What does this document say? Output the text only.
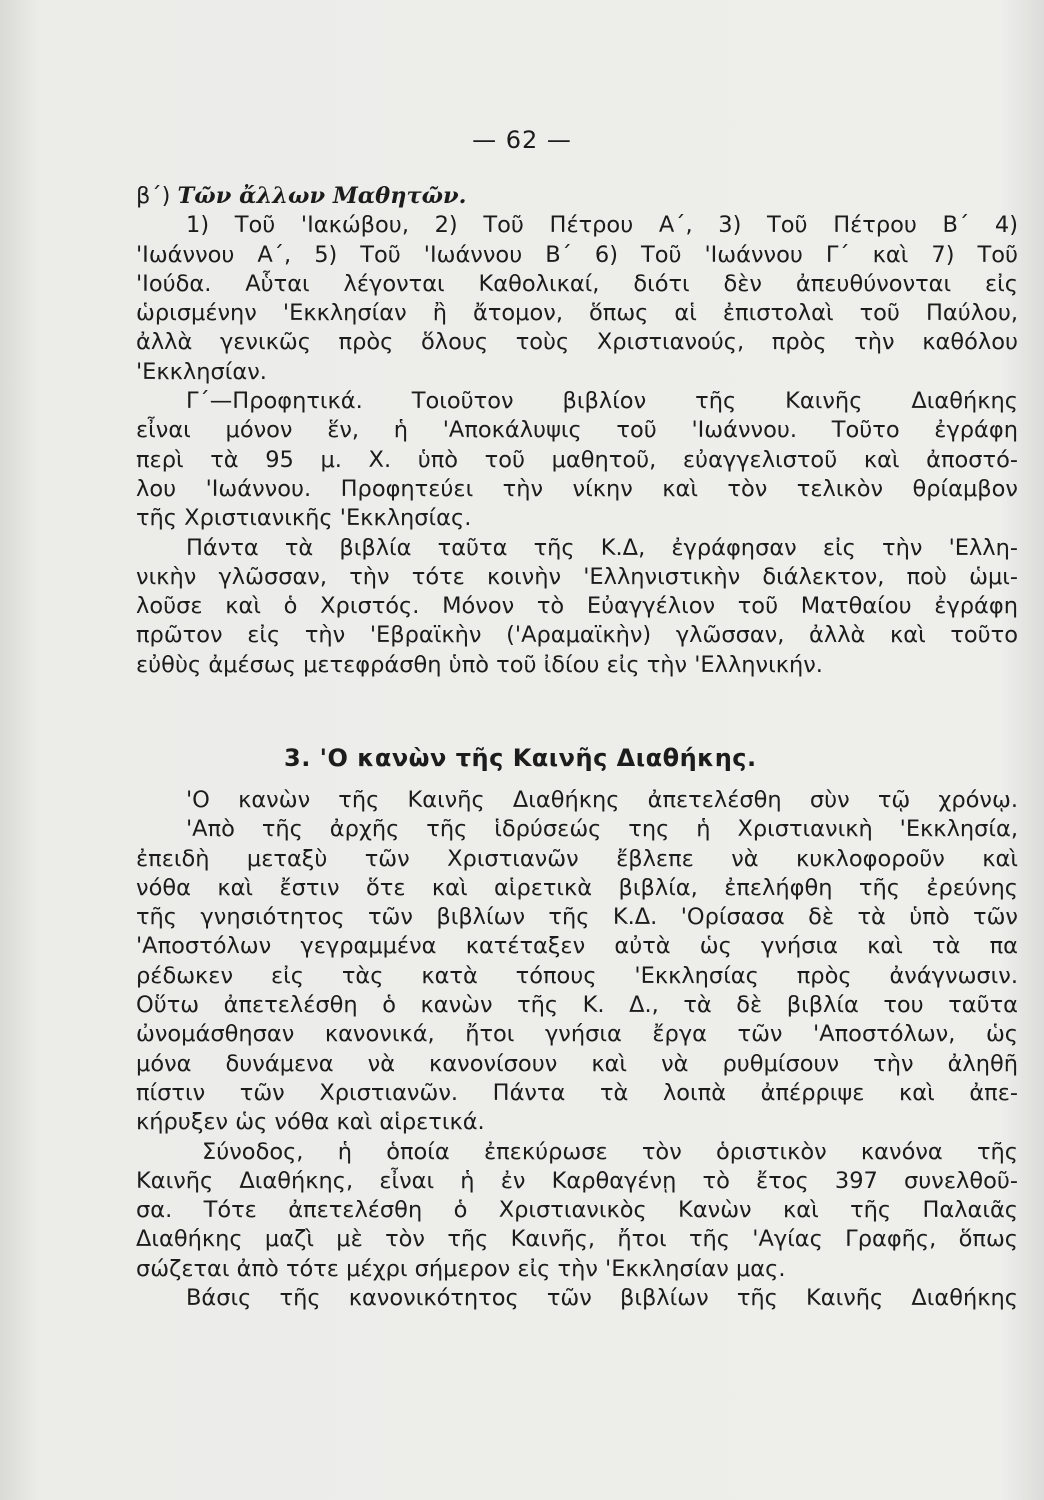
— 62 —
β΄) Τῶν ἄλλων Μαθητῶν.
1) Τοῦ 'Ιακώβου, 2) Τοῦ Πέτρου Α΄, 3) Τοῦ Πέτρου Β΄ 4)
'Ιωάννου Α΄, 5) Τοῦ 'Ιωάννου Β΄ 6) Τοῦ 'Ιωάννου Γ΄ καὶ 7) Τοῦ
'Ιούδα. Αὗται λέγονται Καθολικαί, διότι δὲν ἀπευθύνονται εἰς
ὡρισμένην 'Εκκλησίαν ἢ ἄτομον, ὅπως αἱ ἐπιστολαὶ τοῦ Παύλου,
ἀλλὰ γενικῶς πρὸς ὅλους τοὺς Χριστιανούς, πρὸς τὴν καθόλου
'Εκκλησίαν.
Γ΄—Προφητικά. Τοιοῦτον βιβλίον τῆς Καινῆς Διαθήκης
εἶναι μόνον ἕν, ἡ 'Αποκάλυψις τοῦ 'Ιωάννου. Τοῦτο ἐγράφη
περὶ τὰ 95 μ. Χ. ὑπὸ τοῦ μαθητοῦ, εὐαγγελιστοῦ καὶ ἀποστό-
λου 'Ιωάννου. Προφητεύει τὴν νίκην καὶ τὸν τελικὸν θρίαμβον
τῆς Χριστιανικῆς 'Εκκλησίας.
Πάντα τὰ βιβλία ταῦτα τῆς Κ.Δ, ἐγράφησαν εἰς τὴν 'Ελλη-
νικὴν γλῶσσαν, τὴν τότε κοινὴν 'Ελληνιστικὴν διάλεκτον, ποὺ ὡμι-
λοῦσε καὶ ὁ Χριστός. Μόνον τὸ Εὐαγγέλιον τοῦ Ματθαίου ἐγράφη
πρῶτον εἰς τὴν 'Εβραϊκὴν ('Αραμαϊκὴν) γλῶσσαν, ἀλλὰ καὶ τοῦτο
εὐθὺς ἀμέσως μετεφράσθη ὑπὸ τοῦ ἰδίου εἰς τὴν 'Ελληνικήν.
3. 'Ο κανὼν τῆς Καινῆς Διαθήκης.
'Ο κανὼν τῆς Καινῆς Διαθήκης ἀπετελέσθη σὺν τῷ χρόνῳ.
'Απὸ τῆς ἀρχῆς τῆς ἱδρύσεώς της ἡ Χριστιανικὴ 'Εκκλησία,
ἐπειδὴ μεταξὺ τῶν Χριστιανῶν ἔβλεπε νὰ κυκλοφοροῦν καὶ
νόθα καὶ ἔστιν ὅτε καὶ αἱρετικὰ βιβλία, ἐπελήφθη τῆς ἐρεύνης
τῆς γνησιότητος τῶν βιβλίων τῆς Κ.Δ. 'Ορίσασα δὲ τὰ ὑπὸ τῶν
'Αποστόλων γεγραμμένα κατέταξεν αὐτὰ ὡς γνήσια καὶ τὰ πα
ρέδωκεν εἰς τὰς κατὰ τόπους 'Εκκλησίας πρὸς ἀνάγνωσιν.
Οὕτω ἀπετελέσθη ὁ κανὼν τῆς Κ. Δ., τὰ δὲ βιβλία του ταῦτα
ὠνομάσθησαν κανονικά, ἤτοι γνήσια ἔργα τῶν 'Αποστόλων, ὡς
μόνα δυνάμενα νὰ κανονίσουν καὶ νὰ ρυθμίσουν τὴν ἀληθῆ
πίστιν τῶν Χριστιανῶν. Πάντα τὰ λοιπὰ ἀπέρριψε καὶ ἀπε-
κήρυξεν ὡς νόθα καὶ αἱρετικά.
Σύνοδος, ἡ ὁποία ἐπεκύρωσε τὸν ὁριστικὸν κανόνα τῆς
Καινῆς Διαθήκης, εἶναι ἡ ἐν Καρθαγένῃ τὸ ἔτος 397 συνελθοῦ-
σα. Τότε ἀπετελέσθη ὁ Χριστιανικὸς Κανὼν καὶ τῆς Παλαιᾶς
Διαθήκης μαζὶ μὲ τὸν τῆς Καινῆς, ἤτοι τῆς 'Αγίας Γραφῆς, ὅπως
σώζεται ἀπὸ τότε μέχρι σήμερον εἰς τὴν 'Εκκλησίαν μας.
Βάσις τῆς κανονικότητος τῶν βιβλίων τῆς Καινῆς Διαθήκης
